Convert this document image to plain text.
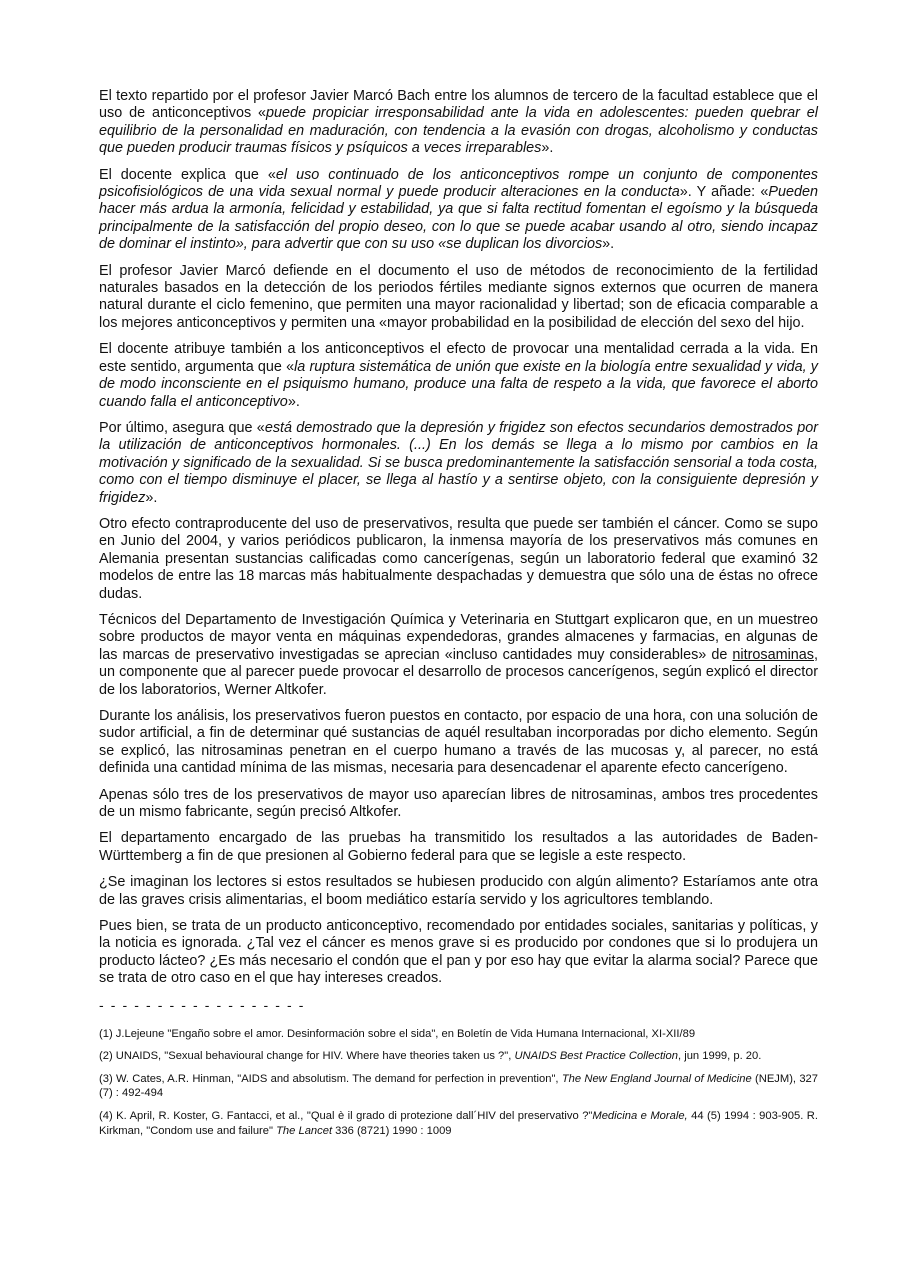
El texto repartido por el profesor Javier Marcó Bach entre los alumnos de tercero de la facultad establece que el uso de anticonceptivos «puede propiciar irresponsabilidad ante la vida en adolescentes: pueden quebrar el equilibrio de la personalidad en maduración, con tendencia a la evasión con drogas, alcoholismo y conductas que pueden producir traumas físicos y psíquicos a veces irreparables».

El docente explica que «el uso continuado de los anticonceptivos rompe un conjunto de componentes psicofisiológicos de una vida sexual normal y puede producir alteraciones en la conducta». Y añade: «Pueden hacer más ardua la armonía, felicidad y estabilidad, ya que si falta rectitud fomentan el egoísmo y la búsqueda principalmente de la satisfacción del propio deseo, con lo que se puede acabar usando al otro, siendo incapaz de dominar el instinto», para advertir que con su uso «se duplican los divorcios».

El profesor Javier Marcó defiende en el documento el uso de métodos de reconocimiento de la fertilidad naturales basados en la detección de los periodos fértiles mediante signos externos que ocurren de manera natural durante el ciclo femenino, que permiten una mayor racionalidad y libertad; son de eficacia comparable a los mejores anticonceptivos y permiten una «mayor probabilidad en la posibilidad de elección del sexo del hijo.

El docente atribuye también a los anticonceptivos el efecto de provocar una mentalidad cerrada a la vida. En este sentido, argumenta que «la ruptura sistemática de unión que existe en la biología entre sexualidad y vida, y de modo inconsciente en el psiquismo humano, produce una falta de respeto a la vida, que favorece el aborto cuando falla el anticonceptivo».

Por último, asegura que «está demostrado que la depresión y frigidez son efectos secundarios demostrados por la utilización de anticonceptivos hormonales. (...) En los demás se llega a lo mismo por cambios en la motivación y significado de la sexualidad. Si se busca predominantemente la satisfacción sensorial a toda costa, como con el tiempo disminuye el placer, se llega al hastío y a sentirse objeto, con la consiguiente depresión y frigidez».

Otro efecto contraproducente del uso de preservativos, resulta que puede ser también el cáncer. Como se supo en Junio del 2004, y varios periódicos publicaron, la inmensa mayoría de los preservativos más comunes en Alemania presentan sustancias calificadas como cancerígenas, según un laboratorio federal que examinó 32 modelos de entre las 18 marcas más habitualmente despachadas y demuestra que sólo una de éstas no ofrece dudas.

Técnicos del Departamento de Investigación Química y Veterinaria en Stuttgart explicaron que, en un muestreo sobre productos de mayor venta en máquinas expendedoras, grandes almacenes y farmacias, en algunas de las marcas de preservativo investigadas se aprecian «incluso cantidades muy considerables» de nitrosaminas, un componente que al parecer puede provocar el desarrollo de procesos cancerígenos, según explicó el director de los laboratorios, Werner Altkofer.

Durante los análisis, los preservativos fueron puestos en contacto, por espacio de una hora, con una solución de sudor artificial, a fin de determinar qué sustancias de aquél resultaban incorporadas por dicho elemento. Según se explicó, las nitrosaminas penetran en el cuerpo humano a través de las mucosas y, al parecer, no está definida una cantidad mínima de las mismas, necesaria para desencadenar el aparente efecto cancerígeno.

Apenas sólo tres de los preservativos de mayor uso aparecían libres de nitrosaminas, ambos tres procedentes de un mismo fabricante, según precisó Altkofer.

El departamento encargado de las pruebas ha transmitido los resultados a las autoridades de Baden-Württemberg a fin de que presionen al Gobierno federal para que se legisle a este respecto.

¿Se imaginan los lectores si estos resultados se hubiesen producido con algún alimento? Estaríamos ante otra de las graves crisis alimentarias, el boom mediático estaría servido y los agricultores temblando.

Pues bien, se trata de un producto anticonceptivo, recomendado por entidades sociales, sanitarias y políticas, y la noticia es ignorada. ¿Tal vez el cáncer es menos grave si es producido por condones que si lo produjera un producto lácteo? ¿Es más necesario el condón que el pan y por eso hay que evitar la alarma social? Parece que se trata de otro caso en el que hay intereses creados.

- - - - - - - - - - - - - - - - - -

(1) J.Lejeune "Engaño sobre el amor. Desinformación sobre el sida", en Boletín de Vida Humana Internacional, XI-XII/89

(2) UNAIDS, "Sexual behavioural change for HIV. Where have theories taken us ?", UNAIDS Best Practice Collection, jun 1999, p. 20.

(3) W. Cates, A.R. Hinman, "AIDS and absolutism. The demand for perfection in prevention", The New England Journal of Medicine (NEJM), 327 (7) : 492-494

(4) K. April, R. Koster, G. Fantacci, et al., "Qual è il grado di protezione dall´HIV del preservativo ?"Medicina e Morale, 44 (5) 1994 : 903-905. R. Kirkman, "Condom use and failure" The Lancet 336 (8721) 1990 : 1009
